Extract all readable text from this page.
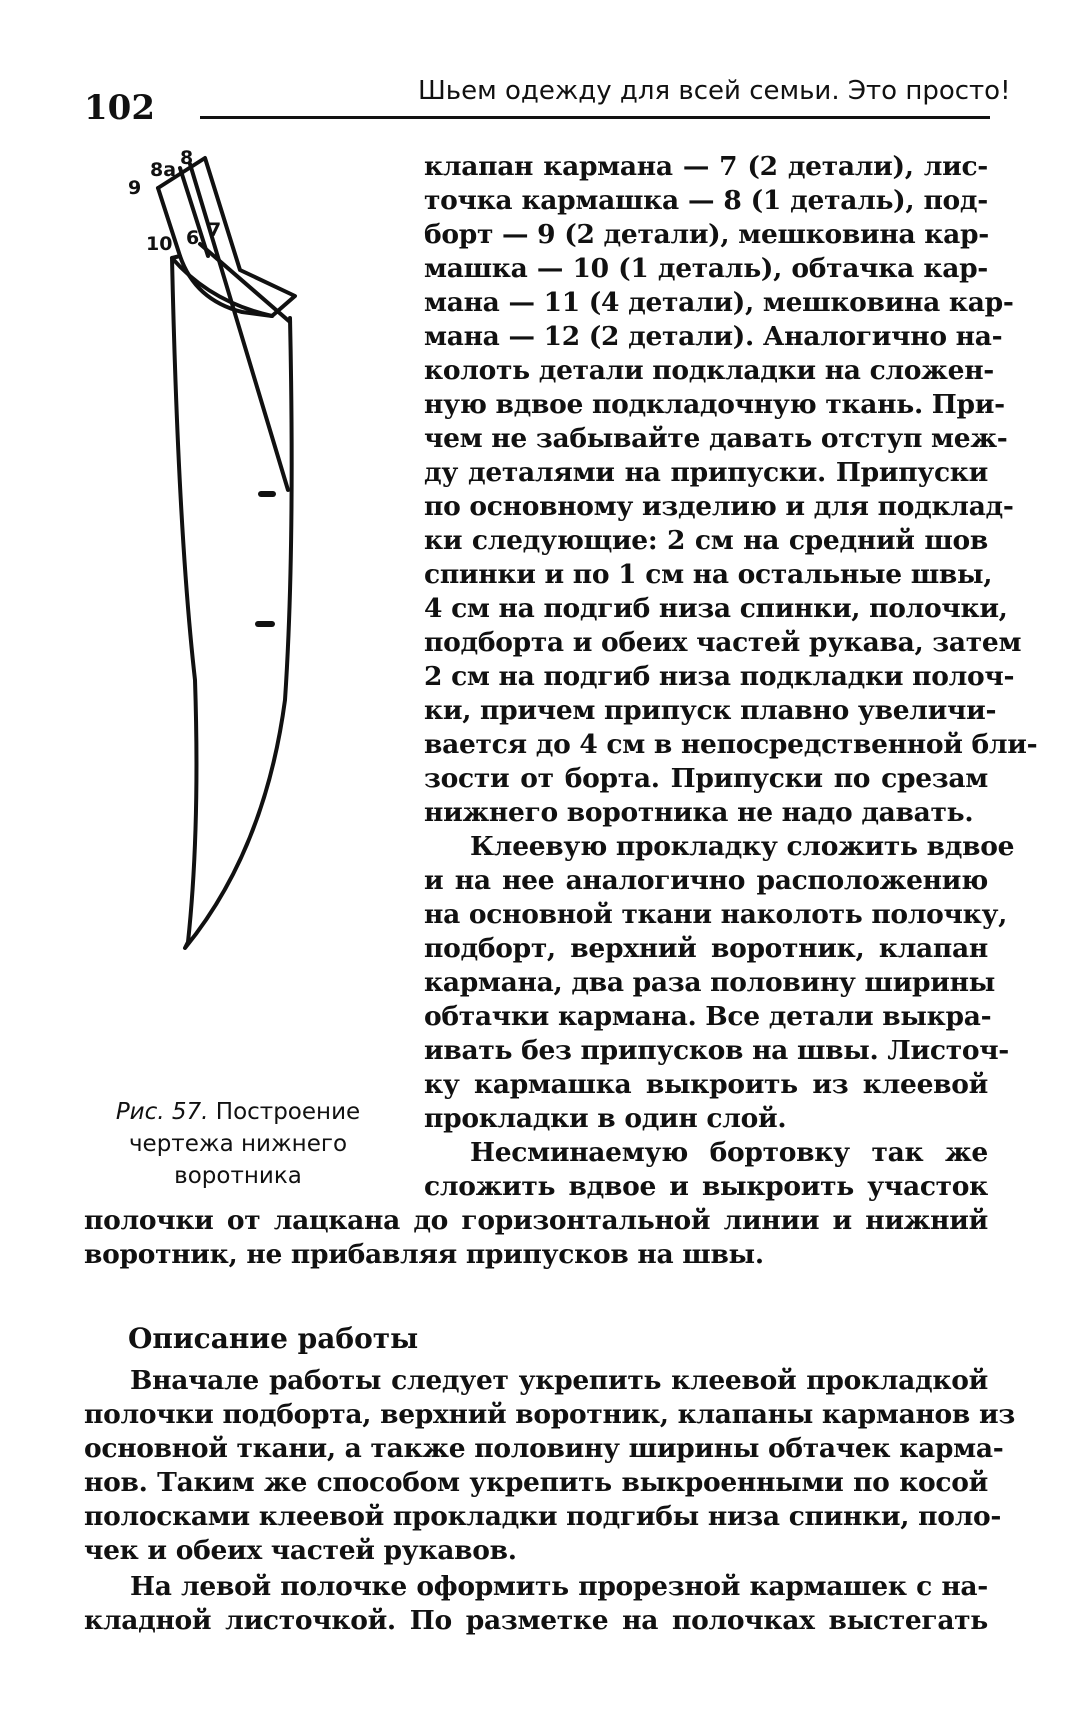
102	Шьем одежду для всей семьи. Это просто!
8а
8
9
10 6 7
Рис. 57. Построение
чертежа нижнего
воротника
клапан кармана — 7 (2 детали), лис-
точка кармашка — 8 (1 деталь), под-
борт — 9 (2 детали), мешковина кар-
машка — 10 (1 деталь), обтачка кар-
мана — 11 (4 детали), мешковина кар-
мана — 12 (2 детали). Аналогично на-
колоть детали подкладки на сложен-
ную вдвое подкладочную ткань. При-
чем не забывайте давать отступ меж-
ду деталями на припуски. Припуски
по основному изделию и для подклад-
ки следующие: 2 см на средний шов
спинки и по 1 см на остальные швы,
4 см на подгиб низа спинки, полочки,
подборта и обеих частей рукава, затем
2 см на подгиб низа подкладки полоч-
ки, причем припуск плавно увеличи-
вается до 4 см в непосредственной бли-
зости от борта. Припуски по срезам
нижнего воротника не надо давать.
Клеевую прокладку сложить вдвое
и на нее аналогично расположению
на основной ткани наколоть полочку,
подборт, верхний воротник, клапан
кармана, два раза половину ширины
обтачки кармана. Все детали выкра-
ивать без припусков на швы. Листоч-
ку кармашка выкроить из клеевой
прокладки в один слой.
Несминаемую бортовку так же
сложить вдвое и выкроить участок
полочки от лацкана до горизонтальной линии и нижний
воротник, не прибавляя припусков на швы.
Описание работы
Вначале работы следует укрепить клеевой прокладкой
полочки подборта, верхний воротник, клапаны карманов из
основной ткани, а также половину ширины обтачек карма-
нов. Таким же способом укрепить выкроенными по косой
полосками клеевой прокладки подгибы низа спинки, поло-
чек и обеих частей рукавов.
На левой полочке оформить прорезной кармашек с на-
кладной листочкой. По разметке на полочках выстегать
